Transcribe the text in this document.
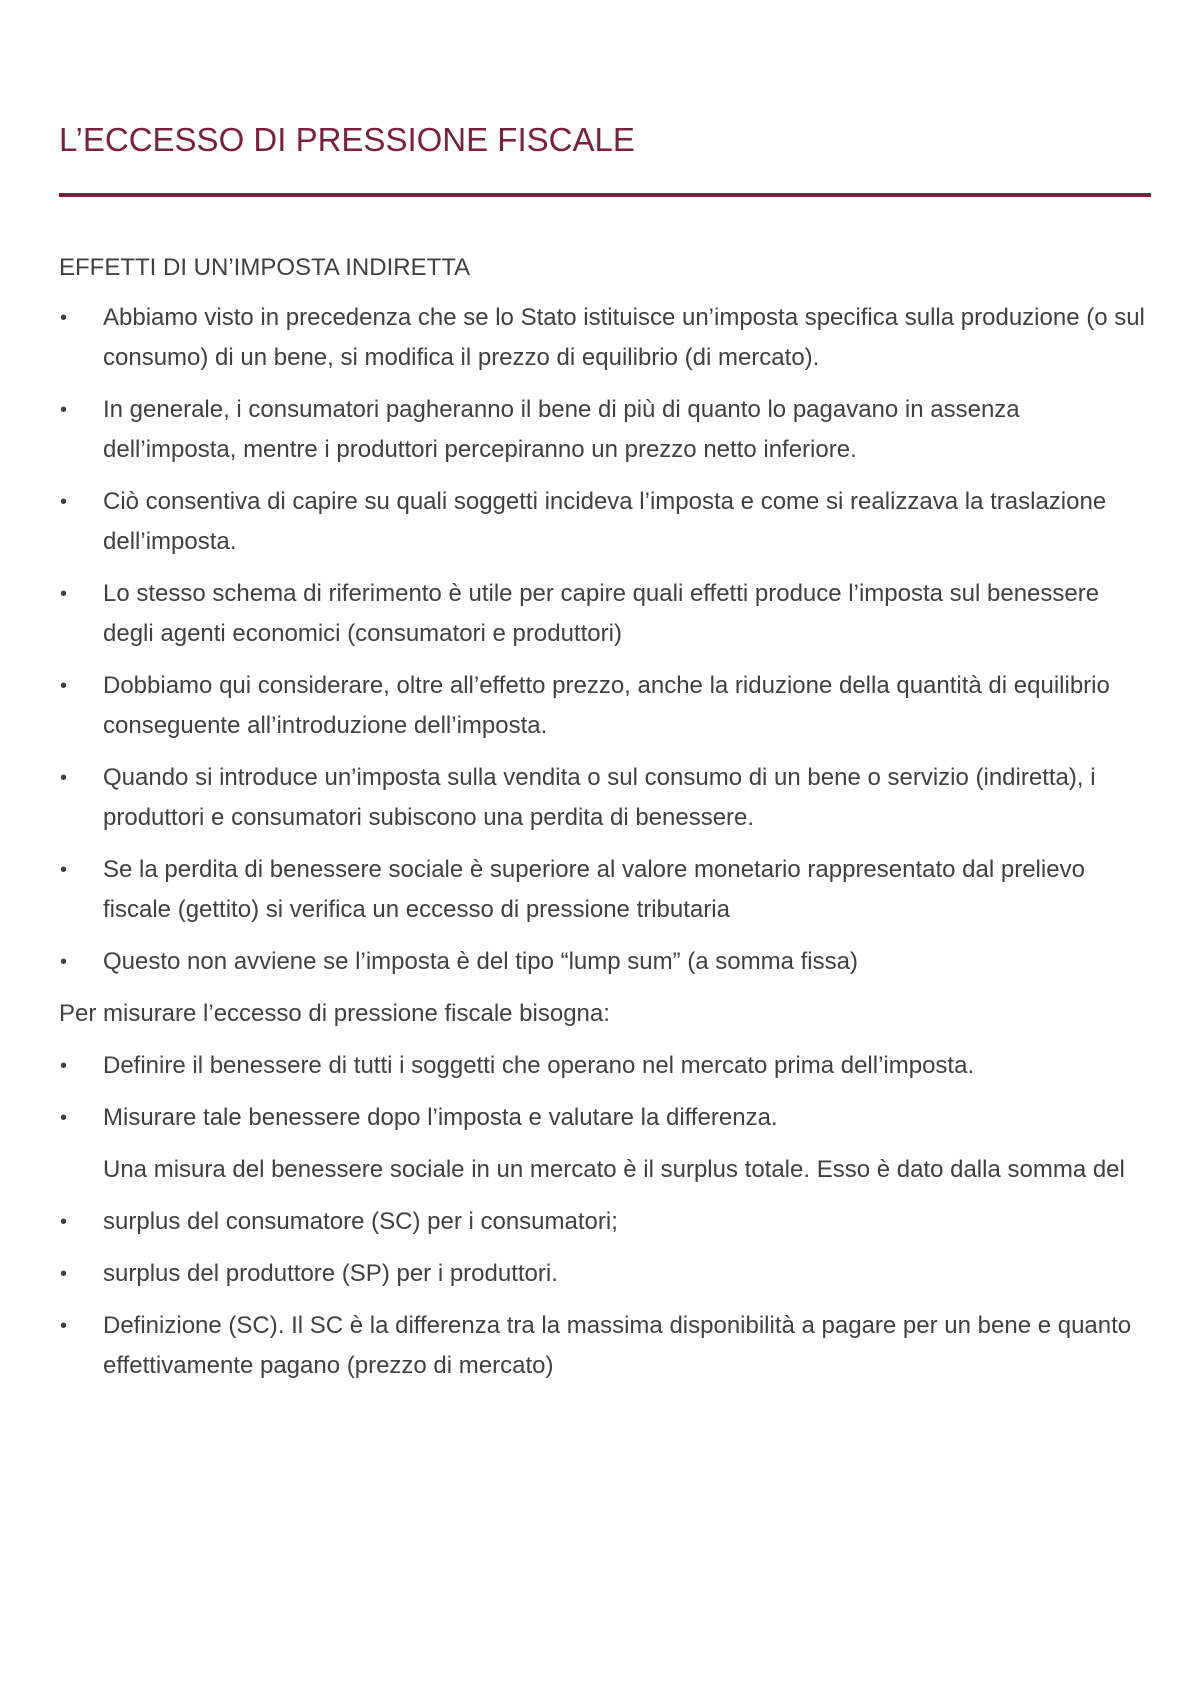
L’ECCESSO DI PRESSIONE FISCALE

EFFETTI DI UN’IMPOSTA INDIRETTA

• Abbiamo visto in precedenza che se lo Stato istituisce un’imposta specifica sulla produzione (o sul consumo) di un bene, si modifica il prezzo di equilibrio (di mercato).
• In generale, i consumatori pagheranno il bene di più di quanto lo pagavano in assenza dell’imposta, mentre i produttori percepiranno un prezzo netto inferiore.
• Ciò consentiva di capire su quali soggetti incideva l’imposta e come si realizzava la traslazione dell’imposta.
• Lo stesso schema di riferimento è utile per capire quali effetti produce l’imposta sul benessere degli agenti economici (consumatori e produttori)
• Dobbiamo qui considerare, oltre all’effetto prezzo, anche la riduzione della quantità di equilibrio conseguente all’introduzione dell’imposta.
• Quando si introduce un’imposta sulla vendita o sul consumo di un bene o servizio (indiretta), i produttori e consumatori subiscono una perdita di benessere.
• Se la perdita di benessere sociale è superiore al valore monetario rappresentato dal prelievo fiscale (gettito) si verifica un eccesso di pressione tributaria
• Questo non avviene se l’imposta è del tipo “lump sum” (a somma fissa)

Per misurare l’eccesso di pressione fiscale bisogna:

• Definire il benessere di tutti i soggetti che operano nel mercato prima dell’imposta.
• Misurare tale benessere dopo l’imposta e valutare la differenza.

Una misura del benessere sociale in un mercato è il surplus totale. Esso è dato dalla somma del

• surplus del consumatore (SC) per i consumatori;
• surplus del produttore (SP) per i produttori.
• Definizione (SC). Il SC è la differenza tra la massima disponibilità a pagare per un bene e quanto effettivamente pagano (prezzo di mercato)
